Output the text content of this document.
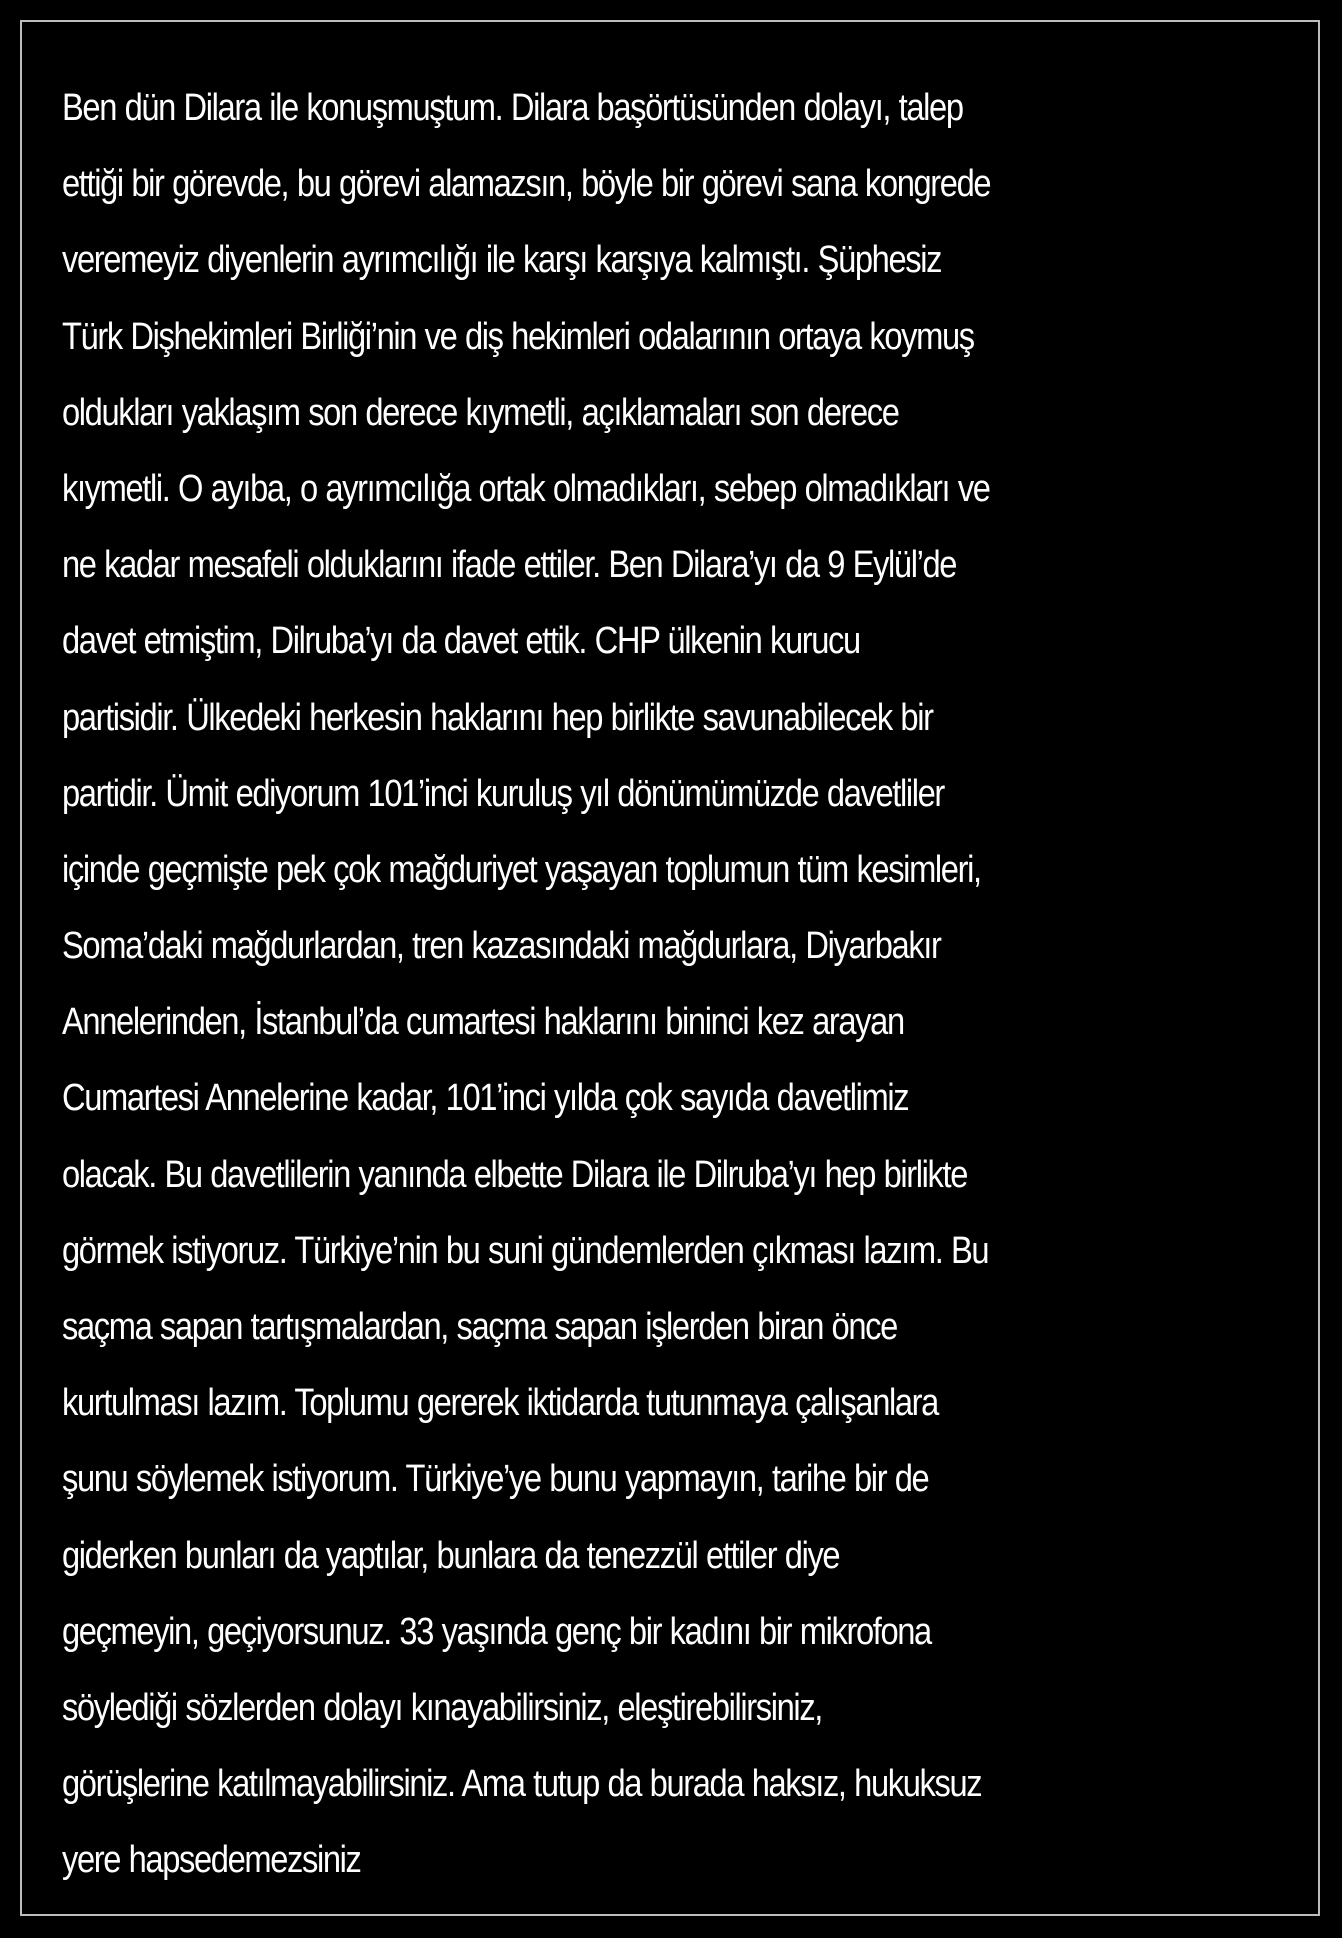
Ben dün Dilara ile konuşmuştum. Dilara başörtüsünden dolayı, talep
ettiği bir görevde, bu görevi alamazsın, böyle bir görevi sana kongrede
veremeyiz diyenlerin ayrımcılığı ile karşı karşıya kalmıştı. Şüphesiz
Türk Dişhekimleri Birliği’nin ve diş hekimleri odalarının ortaya koymuş
oldukları yaklaşım son derece kıymetli, açıklamaları son derece
kıymetli. O ayıba, o ayrımcılığa ortak olmadıkları, sebep olmadıkları ve
ne kadar mesafeli olduklarını ifade ettiler. Ben Dilara’yı da 9 Eylül’de
davet etmiştim, Dilruba’yı da davet ettik. CHP ülkenin kurucu
partisidir. Ülkedeki herkesin haklarını hep birlikte savunabilecek bir
partidir. Ümit ediyorum 101’inci kuruluş yıl dönümümüzde davetliler
içinde geçmişte pek çok mağduriyet yaşayan toplumun tüm kesimleri,
Soma’daki mağdurlardan, tren kazasındaki mağdurlara, Diyarbakır
Annelerinden, İstanbul’da cumartesi haklarını bininci kez arayan
Cumartesi Annelerine kadar, 101’inci yılda çok sayıda davetlimiz
olacak. Bu davetlilerin yanında elbette Dilara ile Dilruba’yı hep birlikte
görmek istiyoruz. Türkiye’nin bu suni gündemlerden çıkması lazım. Bu
saçma sapan tartışmalardan, saçma sapan işlerden biran önce
kurtulması lazım. Toplumu gererek iktidarda tutunmaya çalışanlara
şunu söylemek istiyorum. Türkiye’ye bunu yapmayın, tarihe bir de
giderken bunları da yaptılar, bunlara da tenezzül ettiler diye
geçmeyin, geçiyorsunuz. 33 yaşında genç bir kadını bir mikrofona
söylediği sözlerden dolayı kınayabilirsiniz, eleştirebilirsiniz,
görüşlerine katılmayabilirsiniz. Ama tutup da burada haksız, hukuksuz
yere hapsedemezsiniz
